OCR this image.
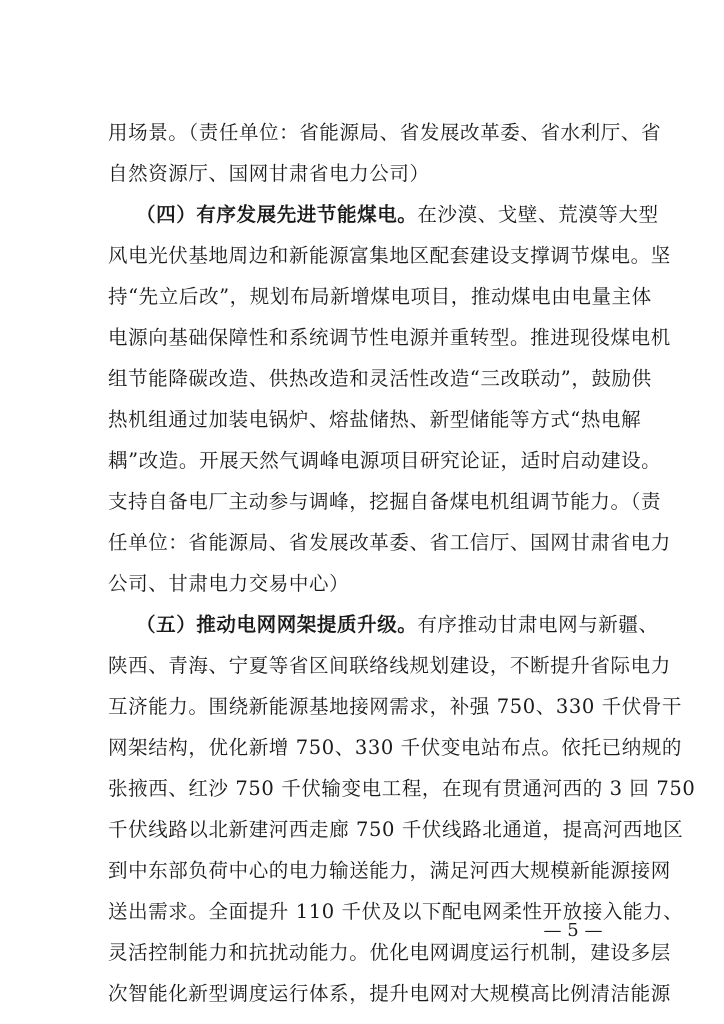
用场景。（责任单位：省能源局、省发展改革委、省水利厅、省
自然资源厅、国网甘肃省电力公司）
（四）有序发展先进节能煤电。在沙漠、戈壁、荒漠等大型
风电光伏基地周边和新能源富集地区配套建设支撑调节煤电。坚
持“先立后改”，规划布局新增煤电项目，推动煤电由电量主体
电源向基础保障性和系统调节性电源并重转型。推进现役煤电机
组节能降碳改造、供热改造和灵活性改造“三改联动”，鼓励供
热机组通过加装电锅炉、熔盐储热、新型储能等方式“热电解
耦”改造。开展天然气调峰电源项目研究论证，适时启动建设。
支持自备电厂主动参与调峰，挖掘自备煤电机组调节能力。（责
任单位：省能源局、省发展改革委、省工信厅、国网甘肃省电力
公司、甘肃电力交易中心）
（五）推动电网网架提质升级。有序推动甘肃电网与新疆、
陕西、青海、宁夏等省区间联络线规划建设，不断提升省际电力
互济能力。围绕新能源基地接网需求，补强 750、330 千伏骨干
网架结构，优化新增 750、330 千伏变电站布点。依托已纳规的
张掖西、红沙 750 千伏输变电工程，在现有贯通河西的 3 回 750
千伏线路以北新建河西走廊 750 千伏线路北通道，提高河西地区
到中东部负荷中心的电力输送能力，满足河西大规模新能源接网
送出需求。全面提升 110 千伏及以下配电网柔性开放接入能力、
灵活控制能力和抗扰动能力。优化电网调度运行机制，建设多层
次智能化新型调度运行体系，提升电网对大规模高比例清洁能源
— 5 —
